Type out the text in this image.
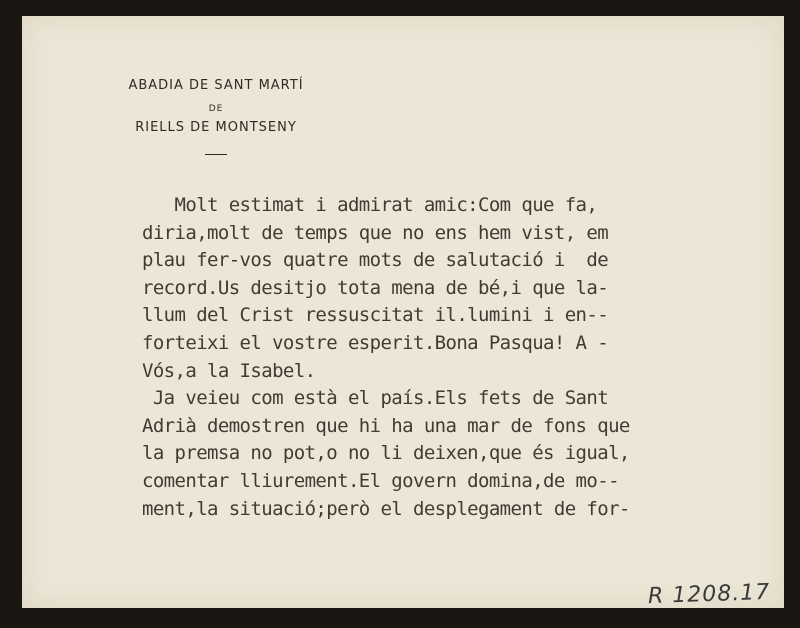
ABADIA DE SANT MARTÍ
DE
RIELLS DE MONTSENY
Molt estimat i admirat amic:Com que fa,
diria,molt de temps que no ens hem vist, em
plau fer-vos quatre mots de salutació i  de
record.Us desitjo tota mena de bé,i que la-
llum del Crist ressuscitat il.lumini i en--
forteixi el vostre esperit.Bona Pasqua! A -
Vós,a la Isabel.
Ja veieu com està el país.Els fets de Sant
Adrià demostren que hi ha una mar de fons que
la premsa no pot,o no li deixen,que és igual,
comentar lliurement.El govern domina,de mo--
ment,la situació;però el desplegament de for-
R 1208.17
